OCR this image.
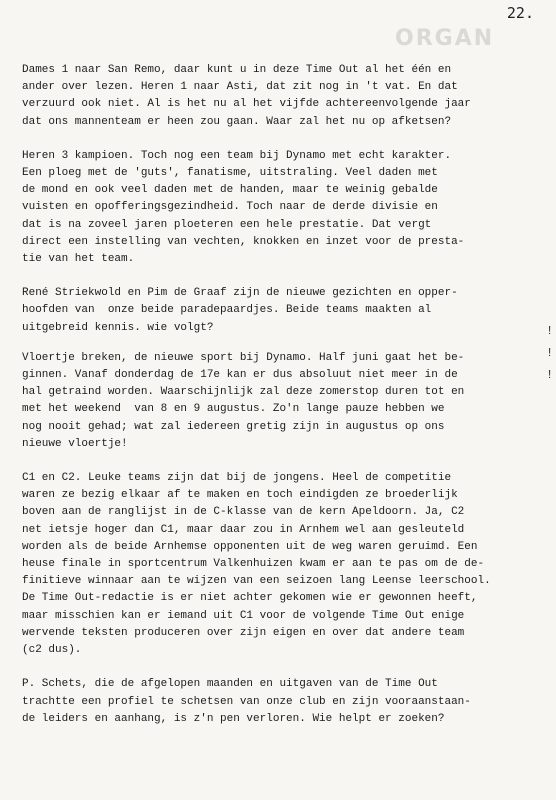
ORGAN
22.
!
!
!
Dames 1 naar San Remo, daar kunt u in deze Time Out al het één en
ander over lezen. Heren 1 naar Asti, dat zit nog in 't vat. En dat
verzuurd ook niet. Al is het nu al het vijfde achtereenvolgende jaar
dat ons mannenteam er heen zou gaan. Waar zal het nu op afketsen?
Heren 3 kampioen. Toch nog een team bij Dynamo met echt karakter.
Een ploeg met de 'guts', fanatisme, uitstraling. Veel daden met
de mond en ook veel daden met de handen, maar te weinig gebalde
vuisten en opofferingsgezindheid. Toch naar de derde divisie en
dat is na zoveel jaren ploeteren een hele prestatie. Dat vergt
direct een instelling van vechten, knokken en inzet voor de presta-
tie van het team.
René Striekwold en Pim de Graaf zijn de nieuwe gezichten en opper-
hoofden van  onze beide paradepaardjes. Beide teams maakten al
uitgebreid kennis. wie volgt?
Vloertje breken, de nieuwe sport bij Dynamo. Half juni gaat het be-
ginnen. Vanaf donderdag de 17e kan er dus absoluut niet meer in de
hal getraind worden. Waarschijnlijk zal deze zomerstop duren tot en
met het weekend  van 8 en 9 augustus. Zo'n lange pauze hebben we
nog nooit gehad; wat zal iedereen gretig zijn in augustus op ons
nieuwe vloertje!
C1 en C2. Leuke teams zijn dat bij de jongens. Heel de competitie
waren ze bezig elkaar af te maken en toch eindigden ze broederlijk
boven aan de ranglijst in de C-klasse van de kern Apeldoorn. Ja, C2
net ietsje hoger dan C1, maar daar zou in Arnhem wel aan gesleuteld
worden als de beide Arnhemse opponenten uit de weg waren geruimd. Een
heuse finale in sportcentrum Valkenhuizen kwam er aan te pas om de de-
finitieve winnaar aan te wijzen van een seizoen lang Leense leerschool.
De Time Out-redactie is er niet achter gekomen wie er gewonnen heeft,
maar misschien kan er iemand uit C1 voor de volgende Time Out enige
wervende teksten produceren over zijn eigen en over dat andere team
(c2 dus).
P. Schets, die de afgelopen maanden en uitgaven van de Time Out
trachtte een profiel te schetsen van onze club en zijn vooraanstaan-
de leiders en aanhang, is z'n pen verloren. Wie helpt er zoeken?
